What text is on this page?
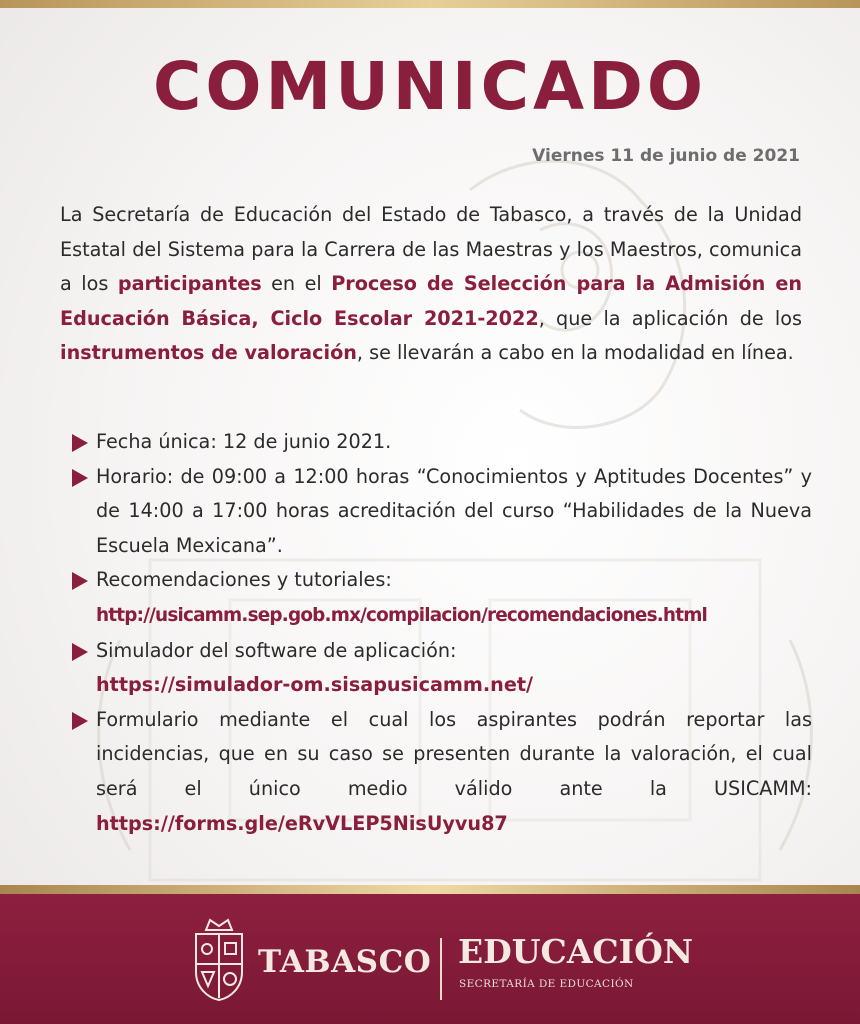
COMUNICADO
Viernes 11 de junio de 2021
La Secretaría de Educación del Estado de Tabasco, a través de la Unidad Estatal del Sistema para la Carrera de las Maestras y los Maestros, comunica a los participantes en el Proceso de Selección para la Admisión en Educación Básica, Ciclo Escolar 2021-2022, que la aplicación de los instrumentos de valoración, se llevarán a cabo en la modalidad en línea.
Fecha única: 12 de junio 2021.
Horario: de 09:00 a 12:00 horas “Conocimientos y Aptitudes Docentes” y de 14:00 a 17:00 horas acreditación del curso “Habilidades de la Nueva Escuela Mexicana”.
Recomendaciones y tutoriales:
http://usicamm.sep.gob.mx/compilacion/recomendaciones.html
Simulador del software de aplicación:
https://simulador-om.sisapusicamm.net/
Formulario mediante el cual los aspirantes podrán reportar las incidencias, que en su caso se presenten durante la valoración, el cual será el único medio válido ante la USICAMM: https://forms.gle/eRvVLEP5NisUyvu87
TABASCO EDUCACIÓN
SECRETARÍA DE EDUCACIÓN
